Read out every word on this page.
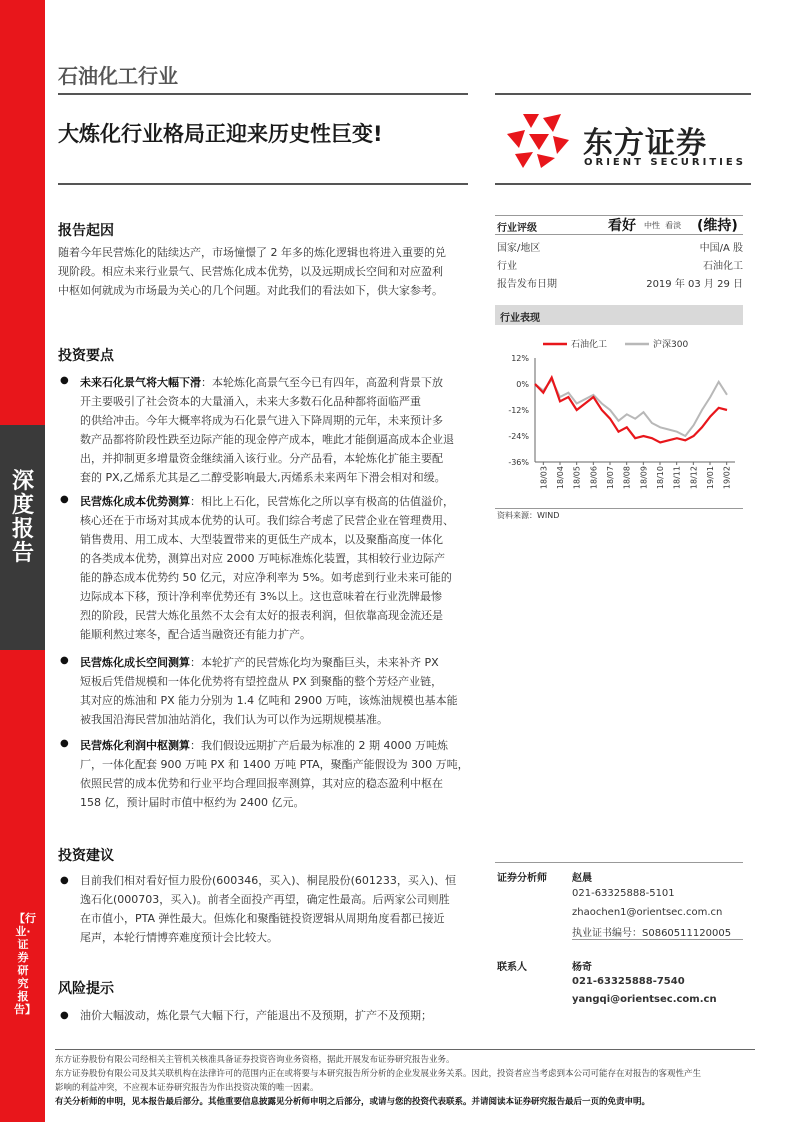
深度报告
【行业·证券研究报告】
石油化工行业
大炼化行业格局正迎来历史性巨变!	东方证券
ORIENT SECURITIES
报告起因
随着今年民营炼化的陆续达产，市场憧憬了 2 年多的炼化逻辑也将进入重要的兑
现阶段。相应未来行业景气、民营炼化成本优势，以及远期成长空间和对应盈利
中枢如何就成为市场最为关心的几个问题。对此我们的看法如下，供大家参考。
投资要点
● 未来石化景气将大幅下滑：本轮炼化高景气至今已有四年，高盈利背景下放
开主要吸引了社会资本的大量涌入，未来大多数石化品种都将面临严重
的供给冲击。今年大概率将成为石化景气进入下降周期的元年，未来预计多
数产品都将阶段性跌至边际产能的现金停产成本，唯此才能倒逼高成本企业退
出，并抑制更多增量资金继续涌入该行业。分产品看，本轮炼化扩能主要配
套的 PX,乙烯系尤其是乙二醇受影响最大,丙烯系未来两年下滑会相对和缓。
● 民营炼化成本优势测算：相比上石化，民营炼化之所以享有极高的估值溢价，
核心还在于市场对其成本优势的认可。我们综合考虑了民营企业在管理费用、
销售费用、用工成本、大型装置带来的更低生产成本，以及聚酯高度一体化
的各类成本优势，测算出对应 2000 万吨标准炼化装置，其相较行业边际产
能的静态成本优势约 50 亿元，对应净利率为 5%。如考虑到行业未来可能的
边际成本下移，预计净利率优势还有 3%以上。这也意味着在行业洗牌最惨
烈的阶段，民营大炼化虽然不太会有太好的报表利润，但依靠高现金流还是
能顺利熬过寒冬，配合适当融资还有能力扩产。
● 民营炼化成长空间测算：本轮扩产的民营炼化均为聚酯巨头，未来补齐 PX
短板后凭借规模和一体化优势将有望控盘从 PX 到聚酯的整个芳烃产业链，
其对应的炼油和 PX 能力分别为 1.4 亿吨和 2900 万吨，该炼油规模也基本能
被我国沿海民营加油站消化，我们认为可以作为远期规模基准。
● 民营炼化利润中枢测算：我们假设远期扩产后最为标准的 2 期 4000 万吨炼
厂，一体化配套 900 万吨 PX 和 1400 万吨 PTA，聚酯产能假设为 300 万吨，
依照民营的成本优势和行业平均合理回报率测算，其对应的稳态盈利中枢在
158 亿，预计届时市值中枢约为 2400 亿元。
投资建议
● 目前我们相对看好恒力股份(600346，买入)、桐昆股份(601233，买入)、恒
逸石化(000703，买入)。前者全面投产再望，确定性最高。后两家公司则胜
在市值小，PTA 弹性最大。但炼化和聚酯链投资逻辑从周期角度看都已接近
尾声，本轮行情博弈难度预计会比较大。
风险提示
● 油价大幅波动，炼化景气大幅下行，产能退出不及预期，扩产不及预期；
行业评级	看好 中性  看淡 (维持)
国家/地区	中国/A 股
行业	石油化工
报告发布日期	2019 年 03 月 29 日
行业表现
石油化工	沪深300
12%
0%
-12%
-24%
-36%
18/03 18/04 18/05 18/06 18/07 18/08 18/09 18/10 18/11 18/12 19/01 19/02
资料来源：WIND
证券分析师	赵晨
021-63325888-5101
zhaochen1@orientsec.com.cn
执业证书编号：S0860511120005
联系人	杨奇
021-63325888-7540
yangqi@orientsec.com.cn
东方证券股份有限公司经相关主管机关核准具备证券投资咨询业务资格，据此开展发布证券研究报告业务。
东方证券股份有限公司及其关联机构在法律许可的范围内正在或将要与本研究报告所分析的企业发展业务关系。因此，投资者应当考虑到本公司可能存在对报告的客观性产生
影响的利益冲突，不应视本证券研究报告为作出投资决策的唯一因素。
有关分析师的申明，见本报告最后部分。其他重要信息披露见分析师申明之后部分，或请与您的投资代表联系。并请阅读本证券研究报告最后一页的免责申明。
